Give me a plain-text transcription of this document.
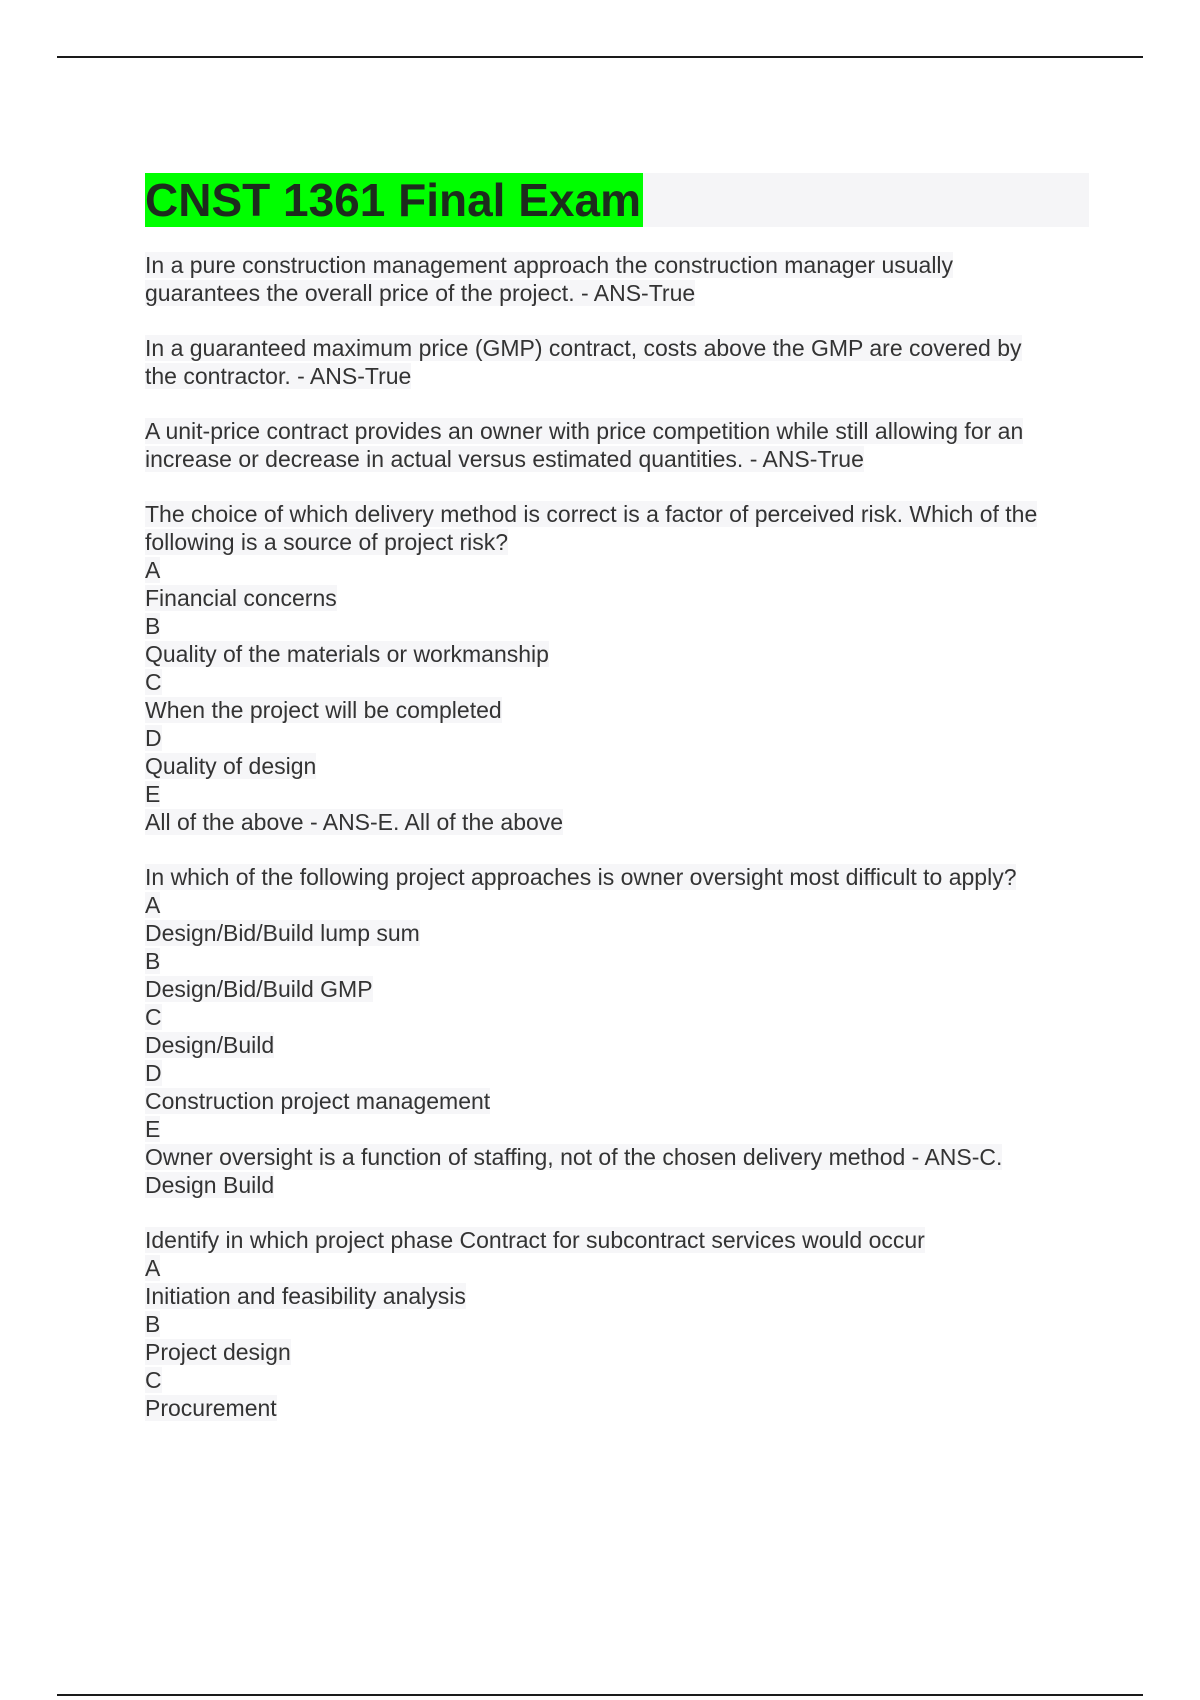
CNST 1361 Final Exam
In a pure construction management approach the construction manager usually
guarantees the overall price of the project. - ANS-True
In a guaranteed maximum price (GMP) contract, costs above the GMP are covered by
the contractor. - ANS-True
A unit-price contract provides an owner with price competition while still allowing for an
increase or decrease in actual versus estimated quantities. - ANS-True
The choice of which delivery method is correct is a factor of perceived risk. Which of the
following is a source of project risk?
A
Financial concerns
B
Quality of the materials or workmanship
C
When the project will be completed
D
Quality of design
E
All of the above - ANS-E. All of the above
In which of the following project approaches is owner oversight most difficult to apply?
A
Design/Bid/Build lump sum
B
Design/Bid/Build GMP
C
Design/Build
D
Construction project management
E
Owner oversight is a function of staffing, not of the chosen delivery method - ANS-C.
Design Build
Identify in which project phase Contract for subcontract services would occur
A
Initiation and feasibility analysis
B
Project design
C
Procurement
